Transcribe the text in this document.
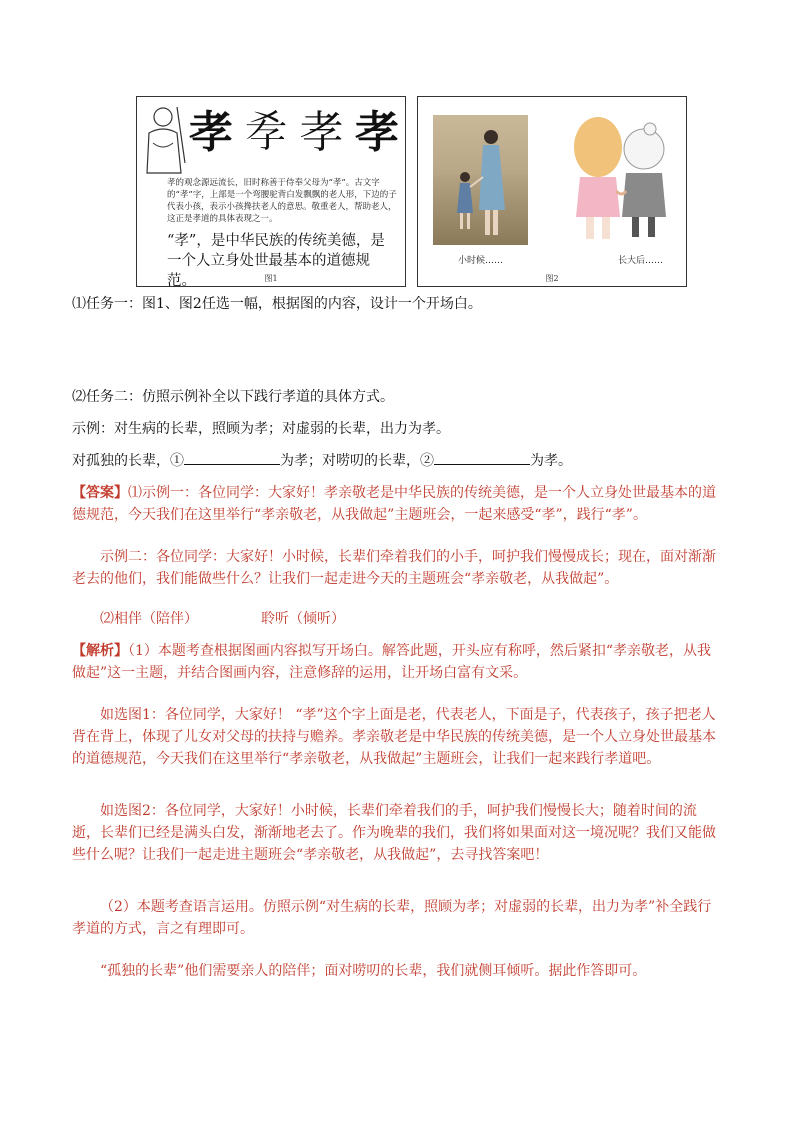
孝 𡥉 孝 孝
孝的观念源远流长，旧时称善于侍奉父母为“孝”。古文字的“孝”字，上部是一个弯腰驼背白发飘飘的老人形，下边的子代表小孩，表示小孩搀扶老人的意思。敬重老人，帮助老人，这正是孝道的具体表现之一。
“孝”，是中华民族的传统美德，是一个人立身处世最基本的道德规范。	图1
小时候……	长大后……
图2

⑴任务一：图1、图2任选一幅，根据图的内容，设计一个开场白。

⑵任务二：仿照示例补全以下践行孝道的具体方式。

示例：对生病的长辈，照顾为孝；对虚弱的长辈，出力为孝。

对孤独的长辈，①	为孝；对唠叨的长辈，②	为孝。

【答案】⑴示例一：各位同学：大家好！孝亲敬老是中华民族的传统美德，是一个人立身处世最基本的道德规范，今天我们在这里举行“孝亲敬老，从我做起”主题班会，一起来感受“孝”，践行“孝”。

示例二：各位同学：大家好！小时候，长辈们牵着我们的小手，呵护我们慢慢成长；现在，面对渐渐老去的他们，我们能做些什么？让我们一起走进今天的主题班会“孝亲敬老，从我做起”。

⑵相伴（陪伴）　　　　　聆听（倾听）

【解析】（1）本题考查根据图画内容拟写开场白。解答此题，开头应有称呼，然后紧扣“孝亲敬老，从我做起”这一主题，并结合图画内容，注意修辞的运用，让开场白富有文采。

如选图1：各位同学，大家好！ “孝”这个字上面是老，代表老人，下面是子，代表孩子，孩子把老人背在背上，体现了儿女对父母的扶持与赡养。孝亲敬老是中华民族的传统美德，是一个人立身处世最基本的道德规范，今天我们在这里举行“孝亲敬老，从我做起”主题班会，让我们一起来践行孝道吧。

如选图2：各位同学，大家好！小时候，长辈们牵着我们的手，呵护我们慢慢长大；随着时间的流逝，长辈们已经是满头白发，渐渐地老去了。作为晚辈的我们，我们将如果面对这一境况呢？我们又能做些什么呢？让我们一起走进主题班会“孝亲敬老，从我做起”，去寻找答案吧！

（2）本题考查语言运用。仿照示例“对生病的长辈，照顾为孝；对虚弱的长辈，出力为孝”补全践行孝道的方式，言之有理即可。

“孤独的长辈”他们需要亲人的陪伴；面对唠叨的长辈，我们就侧耳倾听。据此作答即可。
